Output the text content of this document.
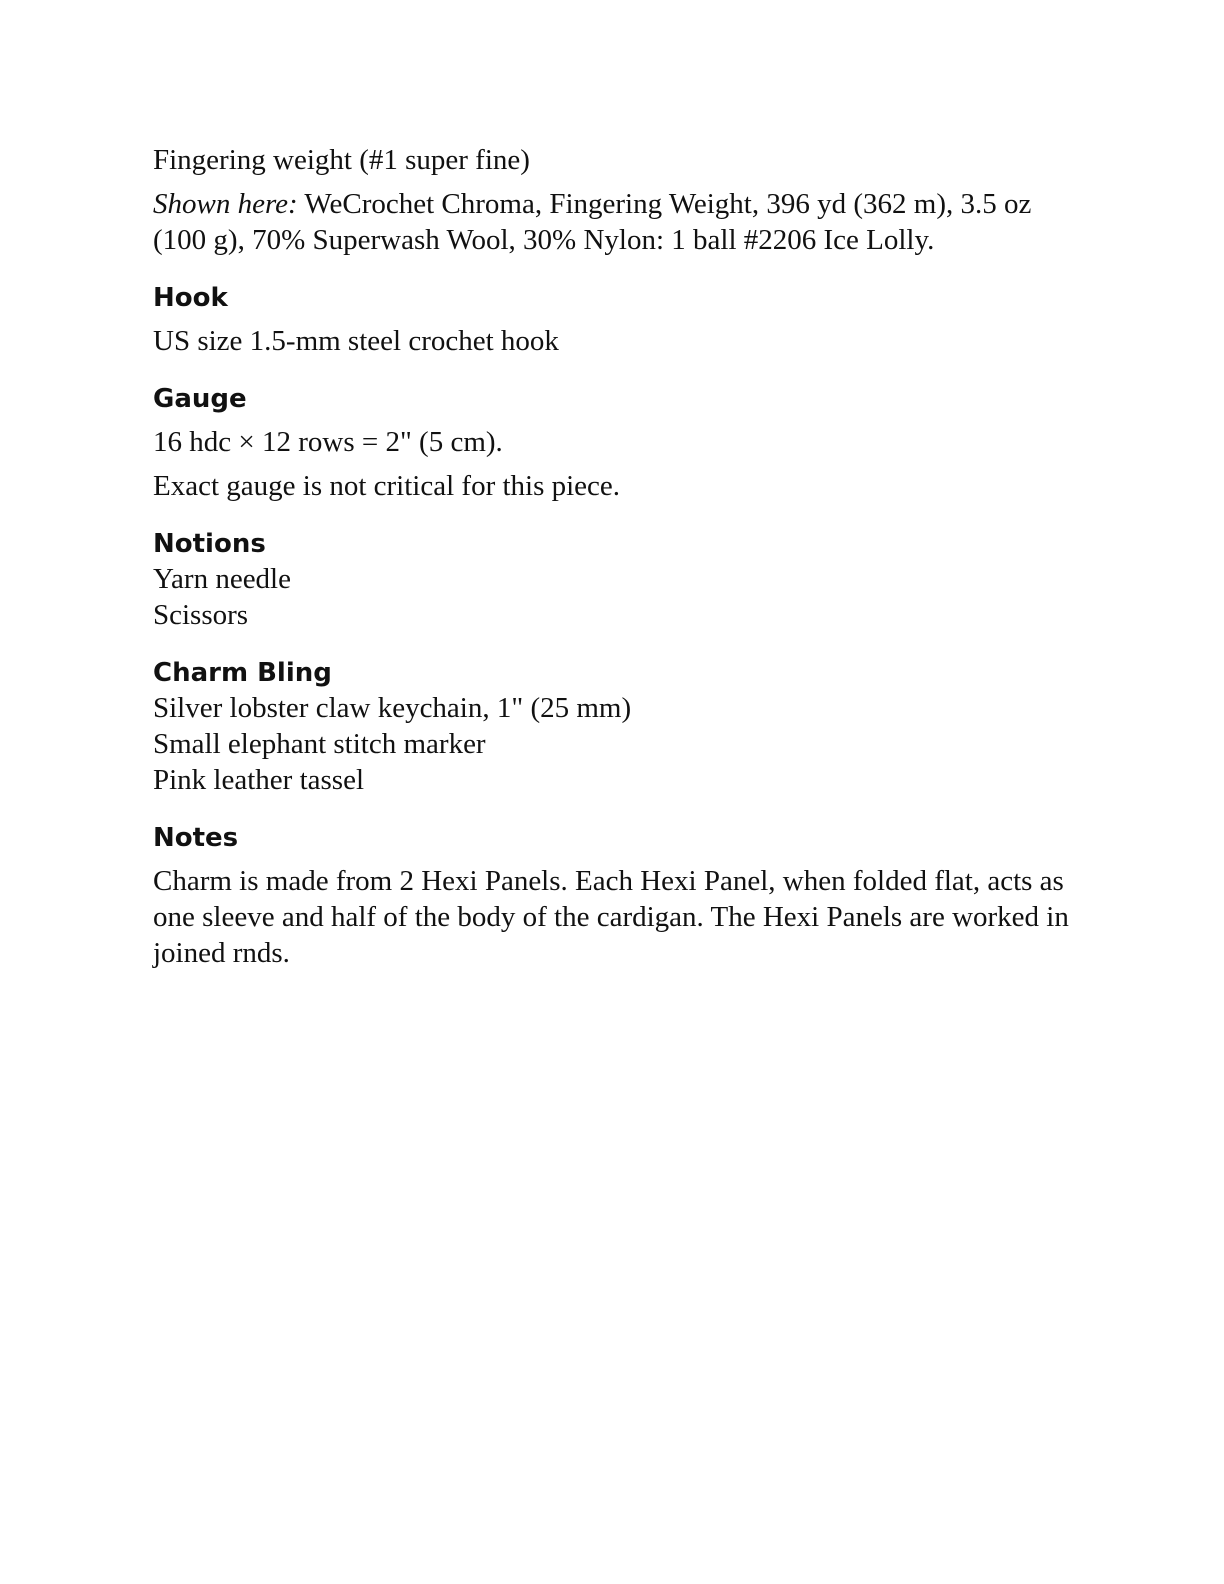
Fingering weight (#1 super fine)

Shown here: WeCrochet Chroma, Fingering Weight, 396 yd (362 m), 3.5 oz (100 g), 70% Superwash Wool, 30% Nylon: 1 ball #2206 Ice Lolly.

Hook

US size 1.5-mm steel crochet hook

Gauge

16 hdc × 12 rows = 2" (5 cm).

Exact gauge is not critical for this piece.

Notions
Yarn needle
Scissors
Charm Bling
Silver lobster claw keychain, 1" (25 mm)
Small elephant stitch marker
Pink leather tassel
Notes

Charm is made from 2 Hexi Panels. Each Hexi Panel, when folded flat, acts as one sleeve and half of the body of the cardigan. The Hexi Panels are worked in joined rnds.
